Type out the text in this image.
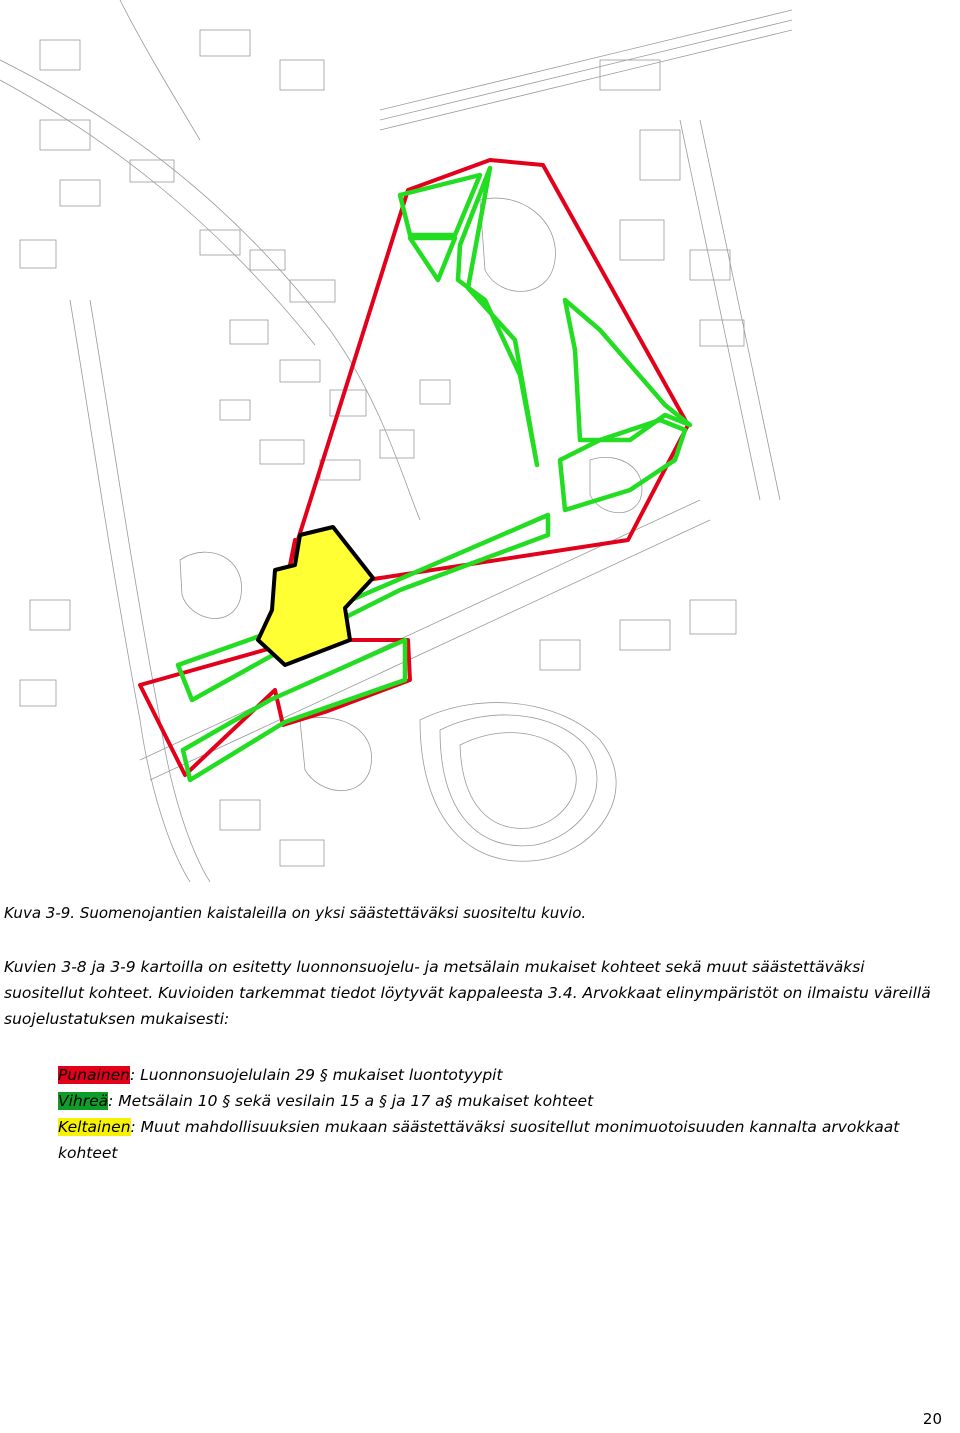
Kuva 3-9. Suomenojantien kaistaleilla on yksi säästettäväksi suositeltu kuvio.
Kuvien 3-8 ja 3-9 kartoilla on esitetty luonnonsuojelu- ja metsälain mukaiset kohteet sekä muut säästettäväksi suositellut kohteet. Kuvioiden tarkemmat tiedot löytyvät kappaleesta 3.4. Arvokkaat elinympäristöt on ilmaistu väreillä suojelustatuksen mukaisesti:
Punainen: Luonnonsuojelulain 29 § mukaiset luontotyypit
Vihreä: Metsälain 10 § sekä vesilain 15 a § ja 17 a§ mukaiset kohteet
Keltainen: Muut mahdollisuuksien mukaan säästettäväksi suositellut monimuotoisuuden kannalta arvokkaat kohteet
20
